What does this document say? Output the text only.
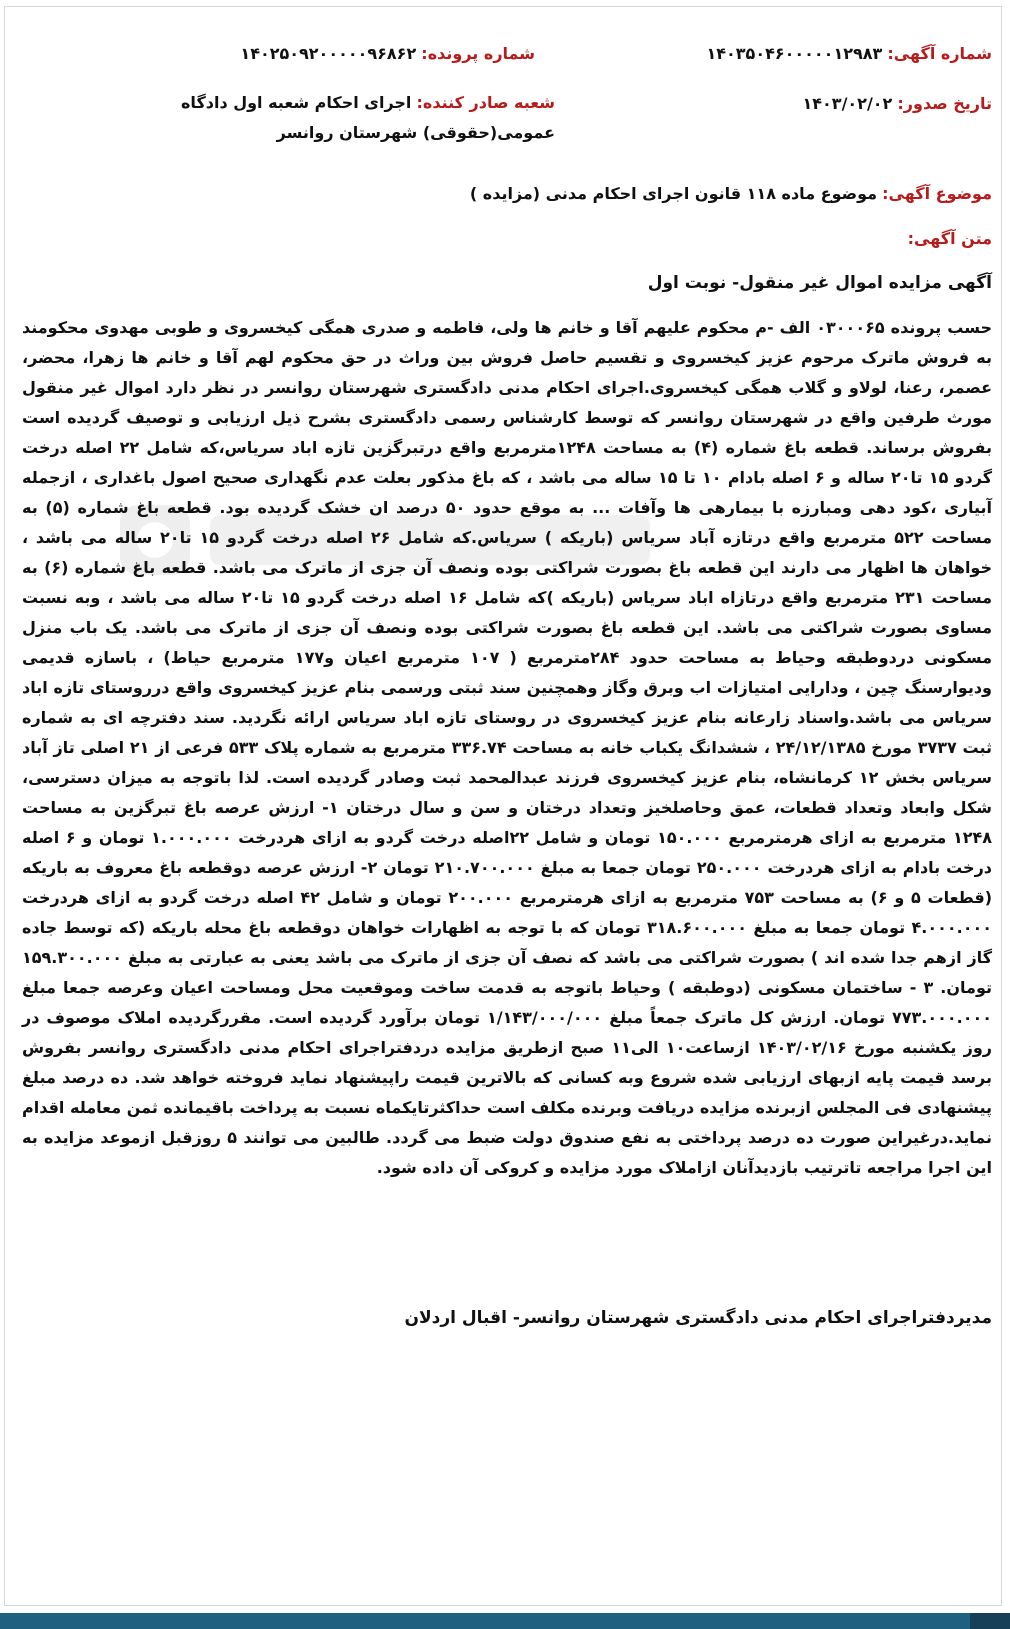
شماره آگهی: ۱۴۰۳۵۰۴۶۰۰۰۰۰۱۲۹۸۳
شماره پرونده: ۱۴۰۲۵۰۹۲۰۰۰۰۰۹۶۸۶۲
تاریخ صدور: ۱۴۰۳/۰۲/۰۲
شعبه صادر کننده: اجرای احکام شعبه اول دادگاه عمومی(حقوقی) شهرستان روانسر
موضوع آگهی: موضوع ماده ۱۱۸ قانون اجرای احکام مدنی (مزایده )
متن آگهی:
آگهی مزایده اموال غیر منقول- نوبت اول

حسب پرونده ۰۳۰۰۰۶۵ الف -م محکوم علیهم آقا و خانم ها ولی، فاطمه و صدری همگی کیخسروی و طوبی مهدوی محکومند به فروش ماترک مرحوم عزیز کیخسروی و تقسیم حاصل فروش بین وراث در حق محکوم لهم آقا و خانم ها زهرا، محضر، عصمر، رعنا، لولاو و گلاب همگی کیخسروی.اجرای احکام مدنی دادگستری شهرستان روانسر در نظر دارد اموال غیر منقول مورث طرفین واقع در شهرستان روانسر که توسط کارشناس رسمی دادگستری بشرح ذیل ارزیابی و توصیف گردیده است بفروش برساند. قطعه باغ شماره (۴) به مساحت ۱۲۴۸مترمربع واقع درتبرگزین تازه اباد سریاس،که شامل ۲۲ اصله درخت گردو ۱۵ تا۲۰ ساله و ۶ اصله بادام ۱۰ تا ۱۵ ساله می باشد ، که باغ مذکور بعلت عدم نگهداری صحیح اصول باغداری ، ازجمله آبیاری ،کود دهی ومبارزه با بیمارهی ها وآفات ... به موقع حدود ۵۰ درصد ان خشک گردیده بود. قطعه باغ شماره (۵) به مساحت ۵۲۲ مترمربع واقع درتازه آباد سریاس (باریکه ) سریاس.که شامل ۲۶ اصله درخت گردو ۱۵ تا۲۰ ساله می باشد ، خواهان ها اظهار می دارند این قطعه باغ بصورت شراکتی بوده ونصف آن جزی از ماترک می باشد. قطعه باغ شماره (۶) به مساحت ۲۳۱ مترمربع واقع درتازاه اباد سریاس (باریکه )که شامل ۱۶ اصله درخت گردو ۱۵ تا۲۰ ساله می باشد ، وبه نسبت مساوی بصورت شراکتی می باشد. این قطعه باغ بصورت شراکتی بوده ونصف آن جزی از ماترک می باشد. یک باب منزل مسکونی دردوطبقه وحیاط به مساحت حدود ۲۸۴مترمربع ( ۱۰۷ مترمربع اعیان و۱۷۷ مترمربع حیاط) ، باسازه قدیمی ودیوارسنگ چین ، ودارایی امتیازات اب وبرق وگاز وهمچنین سند ثبتی ورسمی بنام عزیز کیخسروی واقع درروستای تازه اباد سریاس می باشد.واسناد زارعانه بنام عزیز کیخسروی در روستای تازه اباد سریاس ارائه نگردید. سند دفترچه ای به شماره ثبت ۳۷۳۷ مورخ ۲۴/۱۲/۱۳۸۵ ، ششدانگ یکباب خانه به مساحت ۳۳۶.۷۴ مترمربع به شماره پلاک ۵۳۳ فرعی از ۲۱ اصلی تاز آباد سریاس بخش ۱۲ کرمانشاه، بنام عزیز کیخسروی فرزند عبدالمحمد ثبت وصادر گردیده است. لذا باتوجه به میزان دسترسی، شکل وابعاد وتعداد قطعات، عمق وحاصلخیز وتعداد درختان و سن و سال درختان ۱- ارزش عرصه باغ تبرگزین به مساحت ۱۲۴۸ مترمربع به ازای هرمترمربع ۱۵۰.۰۰۰ تومان و شامل ۲۲اصله درخت گردو به ازای هردرخت ۱.۰۰۰.۰۰۰ تومان و ۶ اصله درخت بادام به ازای هردرخت ۲۵۰.۰۰۰ تومان جمعا به مبلغ ۲۱۰.۷۰۰.۰۰۰ تومان ۲- ارزش عرصه دوقطعه باغ معروف به باریکه (قطعات ۵ و ۶) به مساحت ۷۵۳ مترمربع به ازای هرمترمربع ۲۰۰.۰۰۰ تومان و شامل ۴۲ اصله درخت گردو به ازای هردرخت ۴.۰۰۰.۰۰۰ تومان جمعا به مبلغ ۳۱۸.۶۰۰.۰۰۰ تومان که با توجه به اظهارات خواهان دوقطعه باغ محله باریکه (که توسط جاده گاز ازهم جدا شده اند ) بصورت شراکتی می باشد که نصف آن جزی از ماترک می باشد یعنی به عبارتی به مبلغ ۱۵۹.۳۰۰.۰۰۰ تومان. ۳ - ساختمان مسکونی (دوطبقه ) وحیاط باتوجه به قدمت ساخت وموقعیت محل ومساحت اعیان وعرصه جمعا مبلغ ۷۷۳.۰۰۰.۰۰۰ تومان. ارزش کل ماترک جمعاً مبلغ ۱/۱۴۳/۰۰۰/۰۰۰ تومان برآورد گردیده است. مقررگردیده املاک موصوف در روز یکشنبه مورخ ۱۴۰۳/۰۲/۱۶ ازساعت۱۰ الی۱۱ صبح ازطریق مزایده دردفتراجرای احکام مدنی دادگستری روانسر بفروش برسد قیمت پایه ازبهای ارزیابی شده شروع وبه کسانی که بالاترین قیمت راپیشنهاد نماید فروخته خواهد شد. ده درصد مبلغ پیشنهادی فی المجلس ازبرنده مزایده دریافت وبرنده مکلف است حداکثرتایکماه نسبت به پرداخت باقیمانده ثمن معامله اقدام نماید.درغیراین صورت ده درصد پرداختی به نفع صندوق دولت ضبط می گردد. طالبین می توانند ۵ روزقبل ازموعد مزایده به این اجرا مراجعه تاترتیب بازدیدآنان ازاملاک مورد مزایده و کروکی آن داده شود.

مدیردفتراجرای احکام مدنی دادگستری شهرستان روانسر- اقبال اردلان
